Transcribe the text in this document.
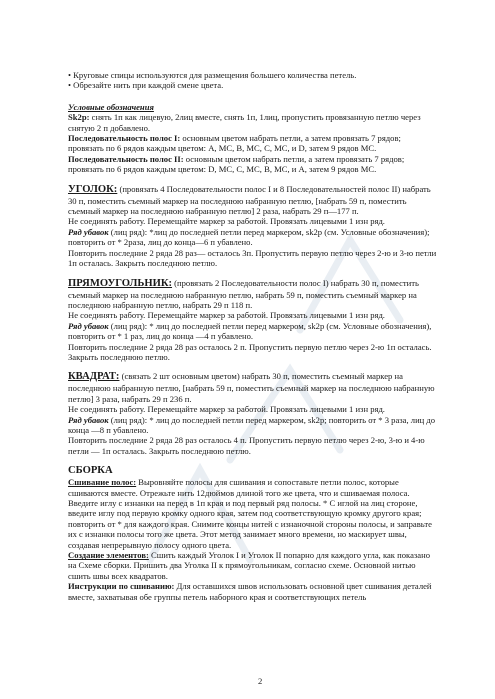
• Круговые спицы используются для размещения большего количества петель.

• Обрезайте нить при каждой смене цвета.

Условные обозначения

Sk2p: снять 1п как лицевую, 2лиц вместе, снять 1п, 1лиц, пропустить провязанную петлю через снятую 2 п добавлено.

Последовательность полос I: основным цветом набрать петли, а затем провязать 7 рядов; провязать по 6 рядов каждым цветом: А, МС, В, МС, С, МС, и D, затем 9 рядов МС.

Последовательность полос II: основным цветом набрать петли, а затем провязать 7 рядов; провязать по 6 рядов каждым цветом: D, МС, С, МС, В, МС, и А, затем 9 рядов МС.

УГОЛОК: (провязать 4 Последовательности полос I и 8 Последовательностей полос II) набрать 30 п, поместить съемный маркер на последнюю набранную петлю, [набрать 59 п, поместить съемный маркер на последнюю набранную петлю] 2 раза, набрать 29 п—177 п.

Не соединять работу. Перемещайте маркер за работой. Провязать лицевыми 1 изн ряд.

Ряд убавок (лиц ряд): *лиц до последней петли перед маркером, sk2p (см. Условные обозначения); повторить от * 2раза, лиц до конца—6 п убавлено.

Повторить последние 2 ряда 28 раз— осталось 3п. Пропустить первую петлю через 2-ю и 3-ю петли 1п осталась. Закрыть последнюю петлю.

ПРЯМОУГОЛЬНИК: (провязать 2 Последовательности полос I) набрать 30 п, поместить съемный маркер на последнюю набранную петлю, набрать 59 п, поместить съемный маркер на последнюю набранную петлю, набрать 29 п 118 п.

Не соединять работу. Перемещайте маркер за работой. Провязать лицевыми 1 изн ряд.

Ряд убавок (лиц ряд): * лиц до последней петли перед маркером, sk2p (см. Условные обозначения), повторить от * 1 раз, лиц до конца —4 п убавлено.

Повторить последние 2 ряда 28 раз осталось 2 п. Пропустить первую петлю через 2-ю 1п осталась. Закрыть последнюю петлю.

КВАДРАТ: (связать 2 шт основным цветом) набрать 30 п, поместить съемный маркер на последнюю набранную петлю, [набрать 59 п, поместить съемный маркер на последнюю набранную петлю] 3 раза, набрать 29 п 236 п.

Не соединять работу. Перемещайте маркер за работой. Провязать лицевыми 1 изн ряд.

Ряд убавок (лиц ряд): * лиц до последней петли перед маркером, sk2p; повторить от * 3 раза, лиц до конца —8 п убавлено.

Повторить последние 2 ряда 28 раз осталось 4 п. Пропустить первую петлю через 2-ю, 3-ю и 4-ю петли — 1п осталась. Закрыть последнюю петлю.

СБОРКА

Сшивание полос: Выровняйте полосы для сшивания и сопоставьте петли полос, которые сшиваются вместе. Отрежьте нить 12дюймов длиной того же цвета, что и сшиваемая полоса. Введите иглу с изнанки на перед в 1п края и под первый ряд полосы. * С иглой на лиц стороне, введите иглу под первую кромку одного края, затем под соответствующую кромку другого края; повторить от * для каждого края. Снимите концы нитей с изнаночной стороны полосы, и заправьте их с изнанки полосы того же цвета. Этот метод занимает много времени, но маскирует швы, создавая непрерывную полосу одного цвета.

Создание элементов: Сшить каждый Уголок I и Уголок II попарно для каждого угла, как показано на Схеме сборки. Пришить два Уголка II к прямоугольникам, согласно схеме. Основной нитью сшить швы всех квадратов.

Инструкции по сшиванию: Для оставшихся швов использовать основной цвет сшивания деталей вместе, захватывая обе группы петель наборного края и соответствующих петель

2
